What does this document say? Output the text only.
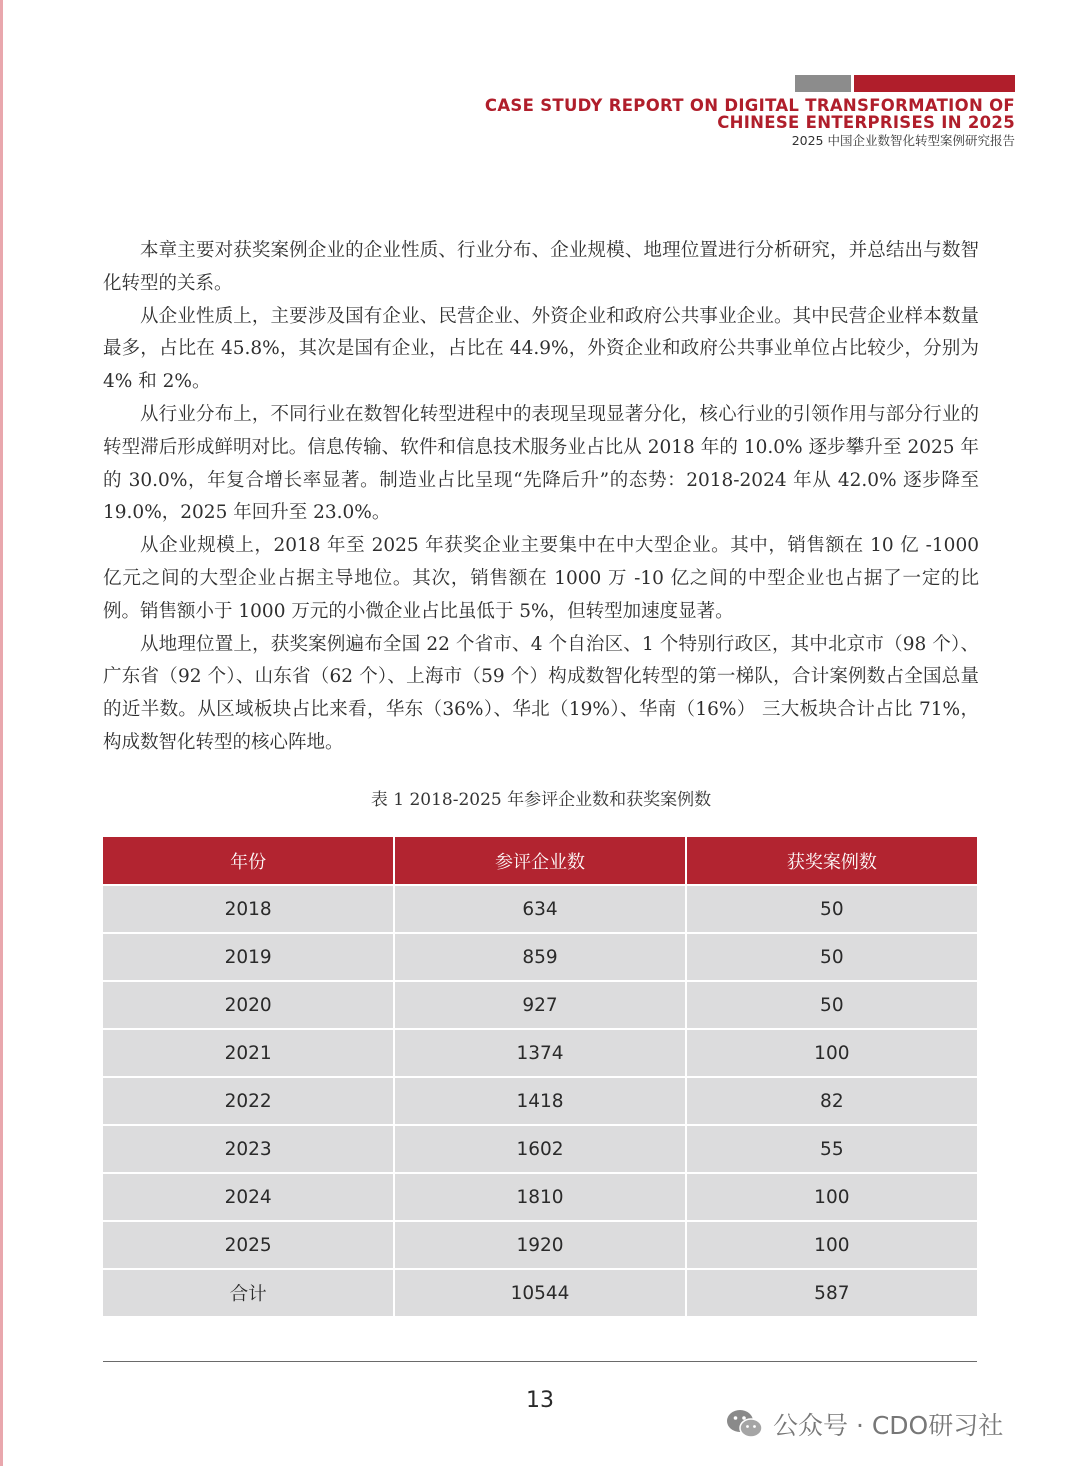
CASE STUDY REPORT ON DIGITAL TRANSFORMATION OF
CHINESE ENTERPRISES IN 2025
2025 中国企业数智化转型案例研究报告

本章主要对获奖案例企业的企业性质、行业分布、企业规模、地理位置进行分析研究，并总结出与数智化转型的关系。

从企业性质上，主要涉及国有企业、民营企业、外资企业和政府公共事业企业。其中民营企业样本数量最多，占比在 45.8%，其次是国有企业，占比在 44.9%，外资企业和政府公共事业单位占比较少，分别为 4% 和 2%。

从行业分布上，不同行业在数智化转型进程中的表现呈现显著分化，核心行业的引领作用与部分行业的转型滞后形成鲜明对比。信息传输、软件和信息技术服务业占比从 2018 年的 10.0% 逐步攀升至 2025 年的 30.0%，年复合增长率显著。制造业占比呈现“先降后升”的态势：2018-2024 年从 42.0% 逐步降至 19.0%，2025 年回升至 23.0%。

从企业规模上，2018 年至 2025 年获奖企业主要集中在中大型企业。其中，销售额在 10 亿 -1000 亿元之间的大型企业占据主导地位。其次，销售额在 1000 万 -10 亿之间的中型企业也占据了一定的比例。销售额小于 1000 万元的小微企业占比虽低于 5%，但转型加速度显著。

从地理位置上，获奖案例遍布全国 22 个省市、4 个自治区、1 个特别行政区，其中北京市（98 个）、广东省（92 个）、山东省（62 个）、上海市（59 个）构成数智化转型的第一梯队，合计案例数占全国总量的近半数。从区域板块占比来看，华东（36%）、华北（19%）、华南（16%） 三大板块合计占比 71%，构成数智化转型的核心阵地。

表 1 2018-2025 年参评企业数和获奖案例数
年份	参评企业数	获奖案例数
2018	634	50
2019	859	50
2020	927	50
2021	1374	100
2022	1418	82
2023	1602	55
2024	1810	100
2025	1920	100
合计	10544	587
13
公众号 · CDO研习社
